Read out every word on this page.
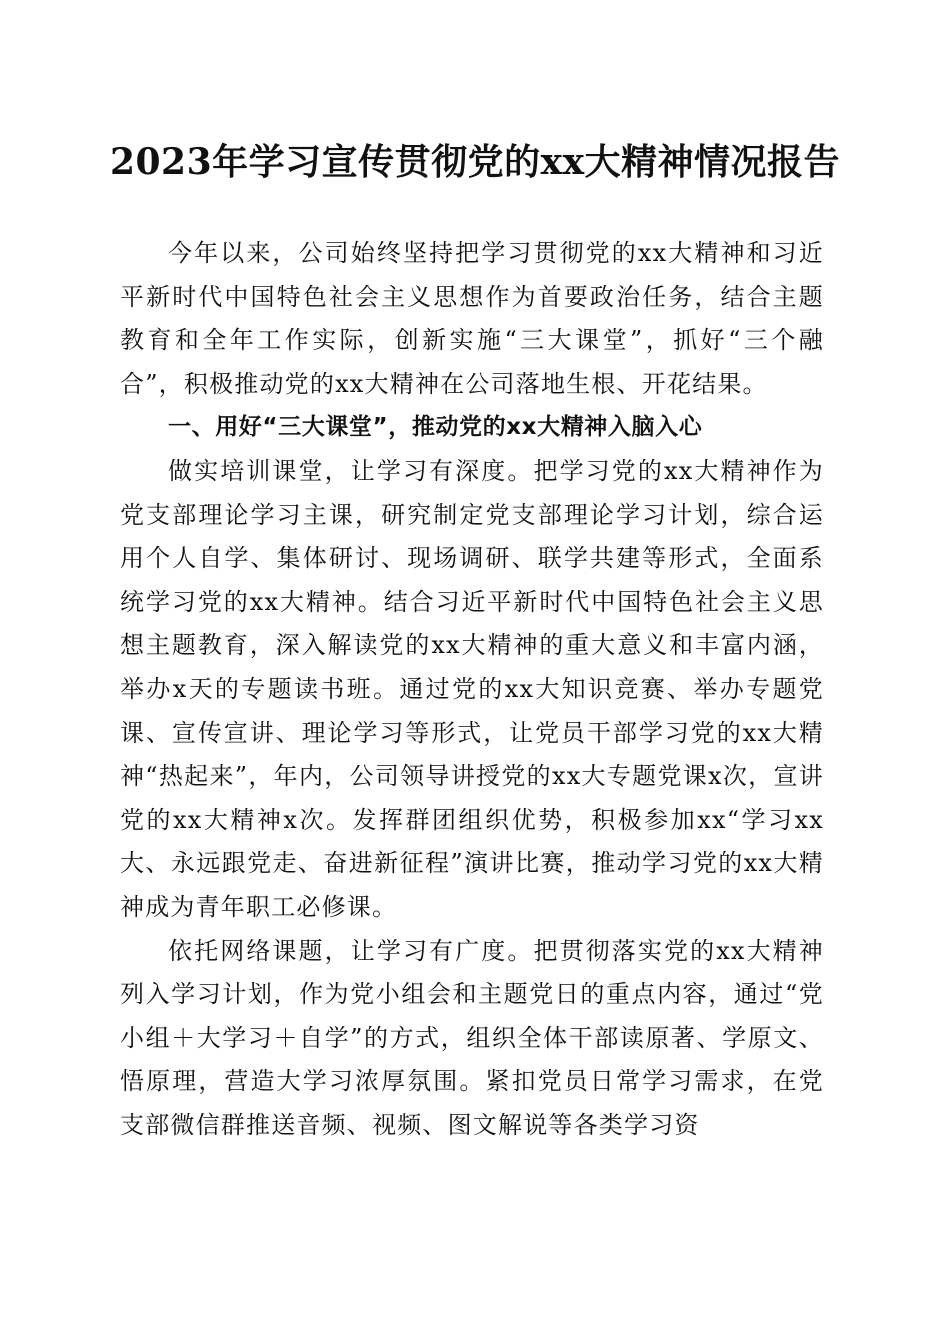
2023年学习宣传贯彻党的xx大精神情况报告

今年以来，公司始终坚持把学习贯彻党的xx大精神和习近平新时代中国特色社会主义思想作为首要政治任务，结合主题教育和全年工作实际，创新实施“三大课堂”，抓好“三个融合”，积极推动党的xx大精神在公司落地生根、开花结果。

一、用好“三大课堂”，推动党的xx大精神入脑入心

做实培训课堂，让学习有深度。把学习党的xx大精神作为党支部理论学习主课，研究制定党支部理论学习计划，综合运用个人自学、集体研讨、现场调研、联学共建等形式，全面系统学习党的xx大精神。结合习近平新时代中国特色社会主义思想主题教育，深入解读党的xx大精神的重大意义和丰富内涵，举办x天的专题读书班。通过党的xx大知识竞赛、举办专题党课、宣传宣讲、理论学习等形式，让党员干部学习党的xx大精神“热起来”，年内，公司领导讲授党的xx大专题党课x次，宣讲党的xx大精神x次。发挥群团组织优势，积极参加xx“学习xx大、永远跟党走、奋进新征程”演讲比赛，推动学习党的xx大精神成为青年职工必修课。

依托网络课题，让学习有广度。把贯彻落实党的xx大精神列入学习计划，作为党小组会和主题党日的重点内容，通过“党小组＋大学习＋自学”的方式，组织全体干部读原著、学原文、悟原理，营造大学习浓厚氛围。紧扣党员日常学习需求，在党支部微信群推送音频、视频、图文解说等各类学习资
